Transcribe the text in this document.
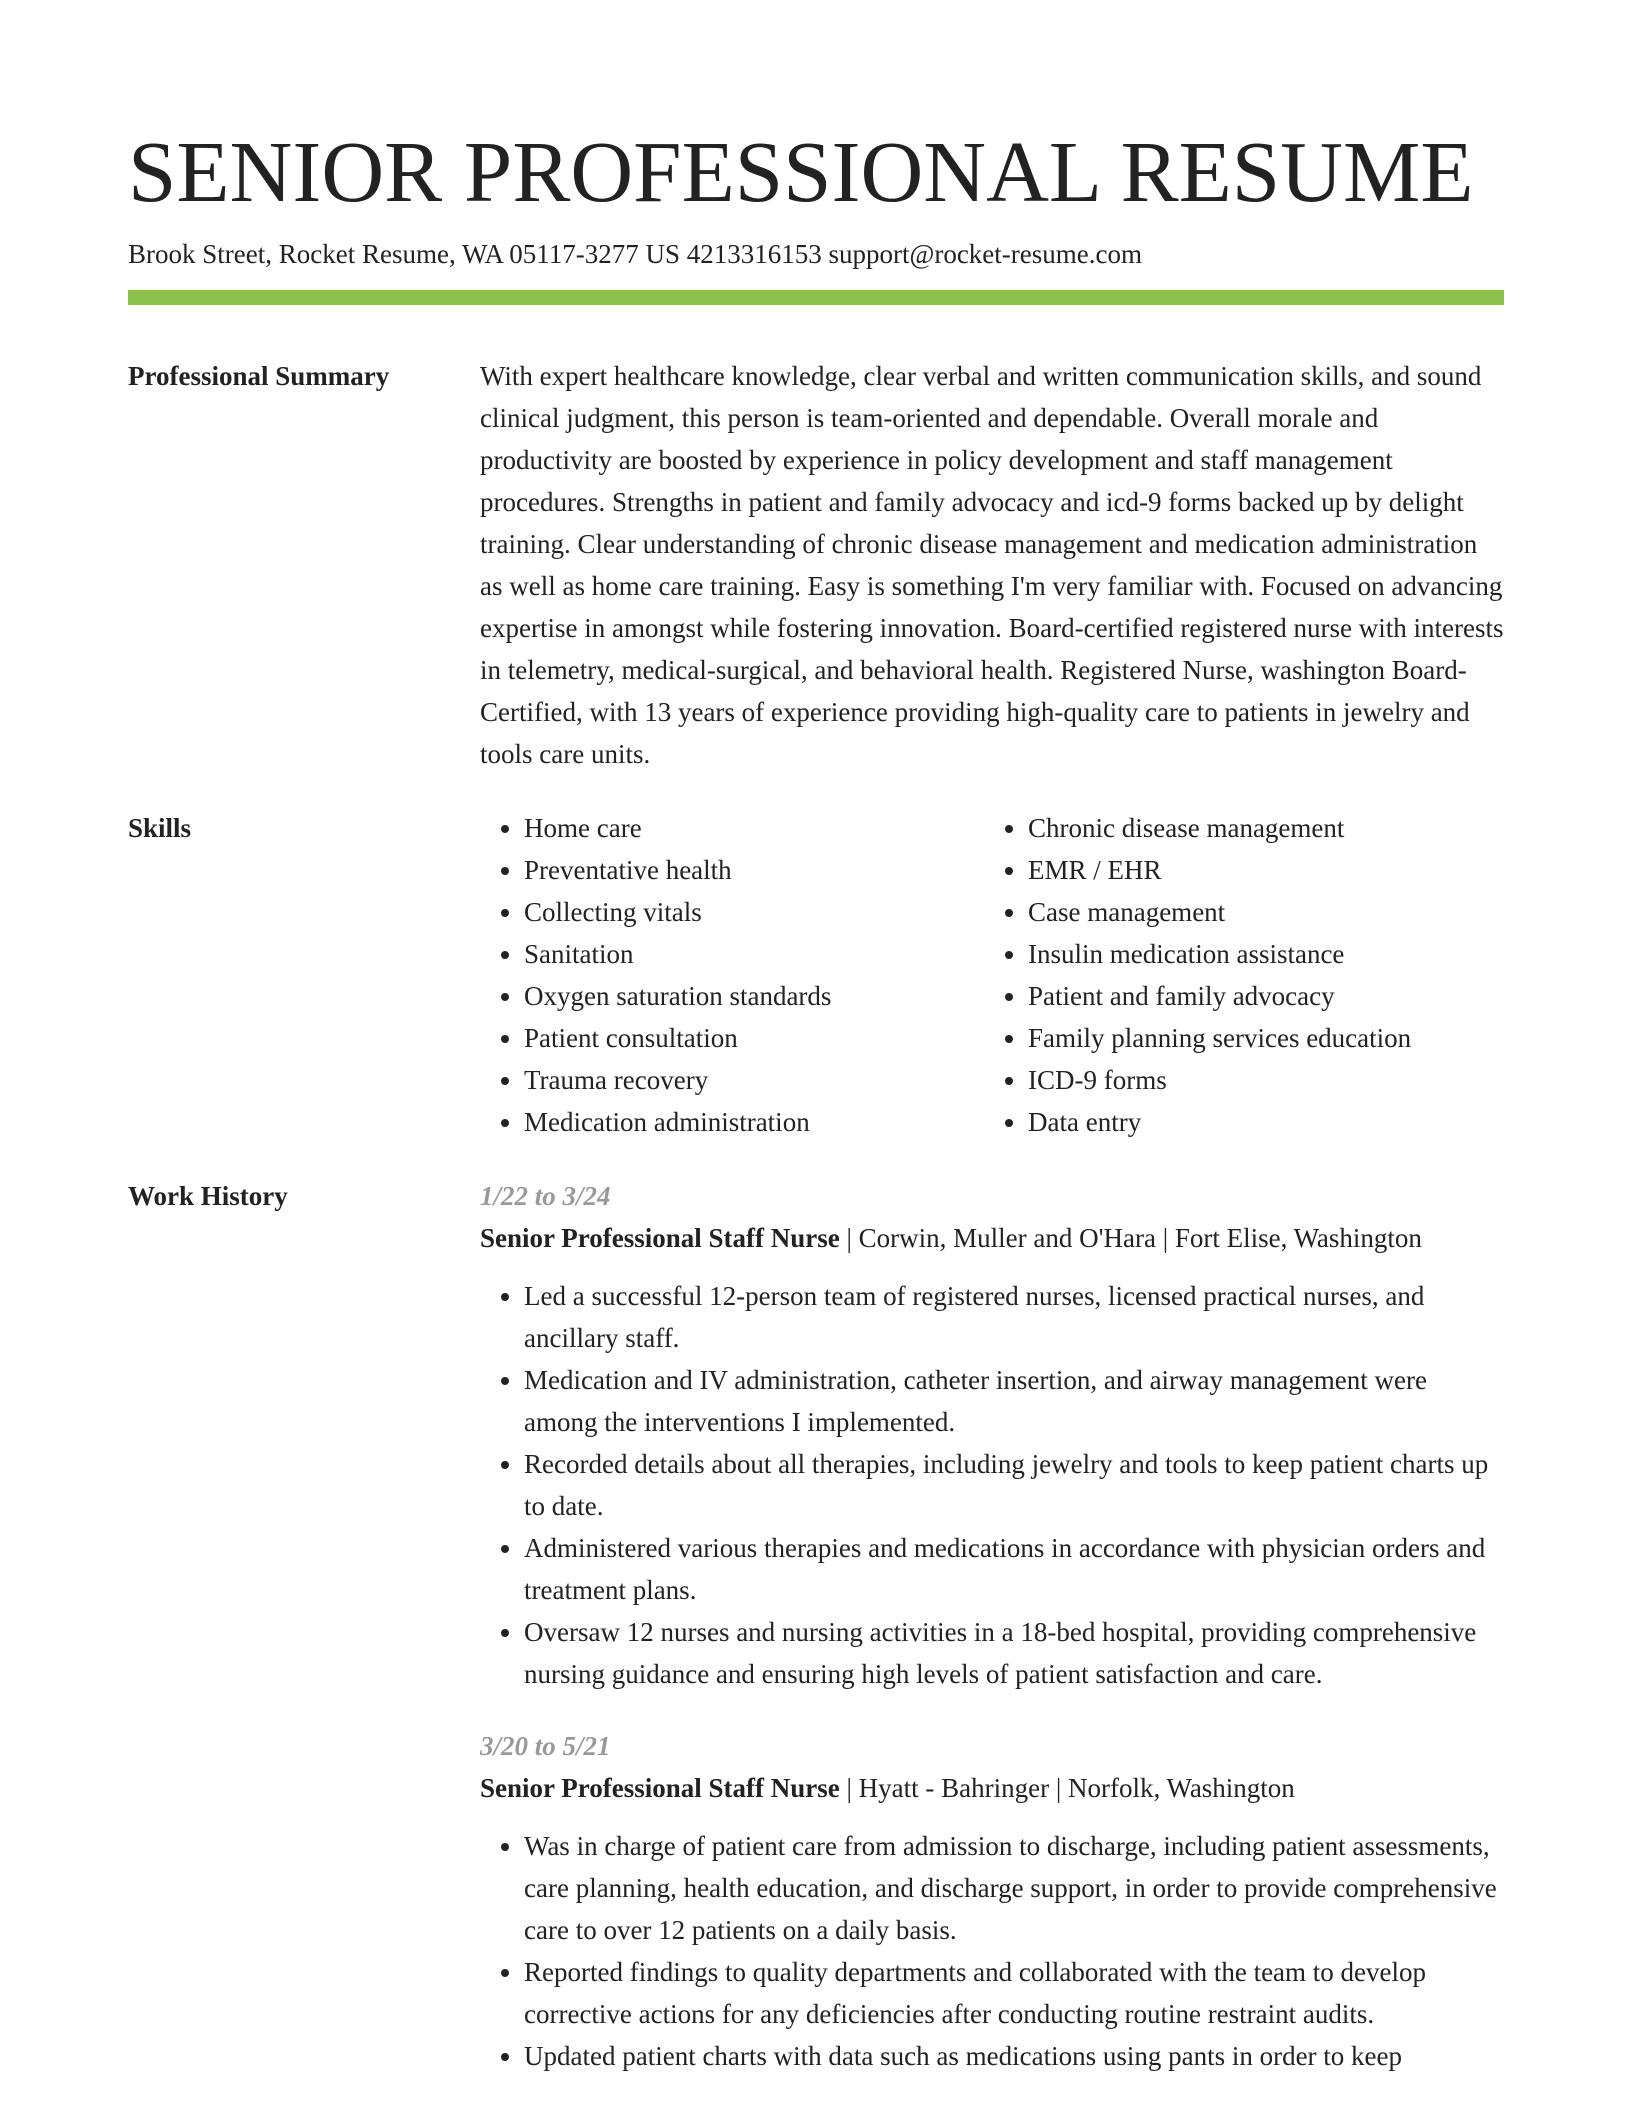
SENIOR PROFESSIONAL RESUME
Brook Street, Rocket Resume, WA 05117-3277 US 4213316153 support@rocket-resume.com
Professional Summary	With expert healthcare knowledge, clear verbal and written communication skills, and sound clinical judgment, this person is team-oriented and dependable. Overall morale and productivity are boosted by experience in policy development and staff management procedures. Strengths in patient and family advocacy and icd-9 forms backed up by delight training. Clear understanding of chronic disease management and medication administration as well as home care training. Easy is something I'm very familiar with. Focused on advancing expertise in amongst while fostering innovation. Board-certified registered nurse with interests in telemetry, medical-surgical, and behavioral health. Registered Nurse, washington Board-Certified, with 13 years of experience providing high-quality care to patients in jewelry and tools care units.

Skills
•	Home care
• Preventative health
• Collecting vitals
• Sanitation
• Oxygen saturation standards
• Patient consultation
• Trauma recovery
• Medication administration
• Chronic disease management
• EMR / EHR
• Case management
• Insulin medication assistance
• Patient and family advocacy
• Family planning services education
• ICD-9 forms
• Data entry
Work History	1/22 to 3/24
Senior Professional Staff Nurse | Corwin, Muller and O'Hara | Fort Elise, Washington
• Led a successful 12-person team of registered nurses, licensed practical nurses, and ancillary staff.
• Medication and IV administration, catheter insertion, and airway management were among the interventions I implemented.
• Recorded details about all therapies, including jewelry and tools to keep patient charts up to date.
• Administered various therapies and medications in accordance with physician orders and treatment plans.
• Oversaw 12 nurses and nursing activities in a 18-bed hospital, providing comprehensive nursing guidance and ensuring high levels of patient satisfaction and care.
3/20 to 5/21
Senior Professional Staff Nurse | Hyatt - Bahringer | Norfolk, Washington
• Was in charge of patient care from admission to discharge, including patient assessments, care planning, health education, and discharge support, in order to provide comprehensive care to over 12 patients on a daily basis.
• Reported findings to quality departments and collaborated with the team to develop corrective actions for any deficiencies after conducting routine restraint audits.
• Updated patient charts with data such as medications using pants in order to keep
